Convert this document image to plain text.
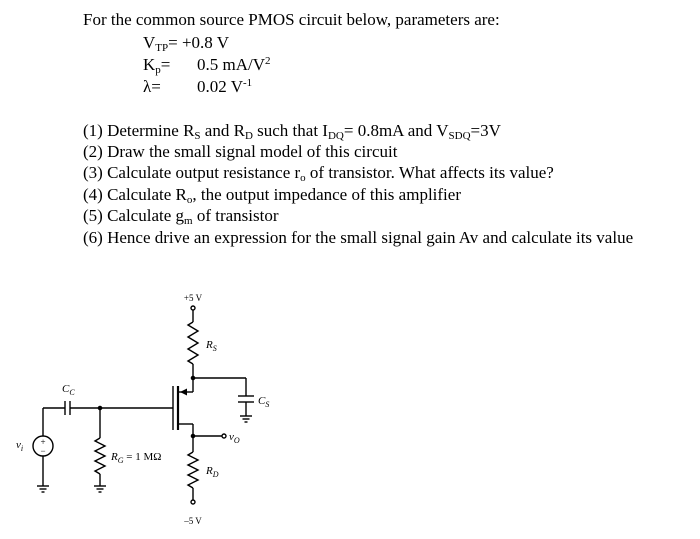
For the common source PMOS circuit below, parameters are:
$V_{TP}= +0.8$ V
$K_p= 0.5$ $mA/V^2$
λ= 0.02 $V^{-1}$
(1) Determine $R_S$ and $R_D$ such that $I_{DQ}= 0.8mA$ and $V_{SDQ}=3V$
(2) Draw the small signal model of this circuit
(3) Calculate output resistance $r_o$ of transistor. What affects its value?
(4) Calculate $R_o$, the output impedance of this amplifier
(5) Calculate $g_m$ of transistor
(6) Hence drive an expression for the small signal gain Av and calculate its value
+
−
+5 V
–5 V
$R_S$
$R_D$
$C_C$
$C_S$
$v_O$
$v_i$
$R_G = 1$ MΩ
